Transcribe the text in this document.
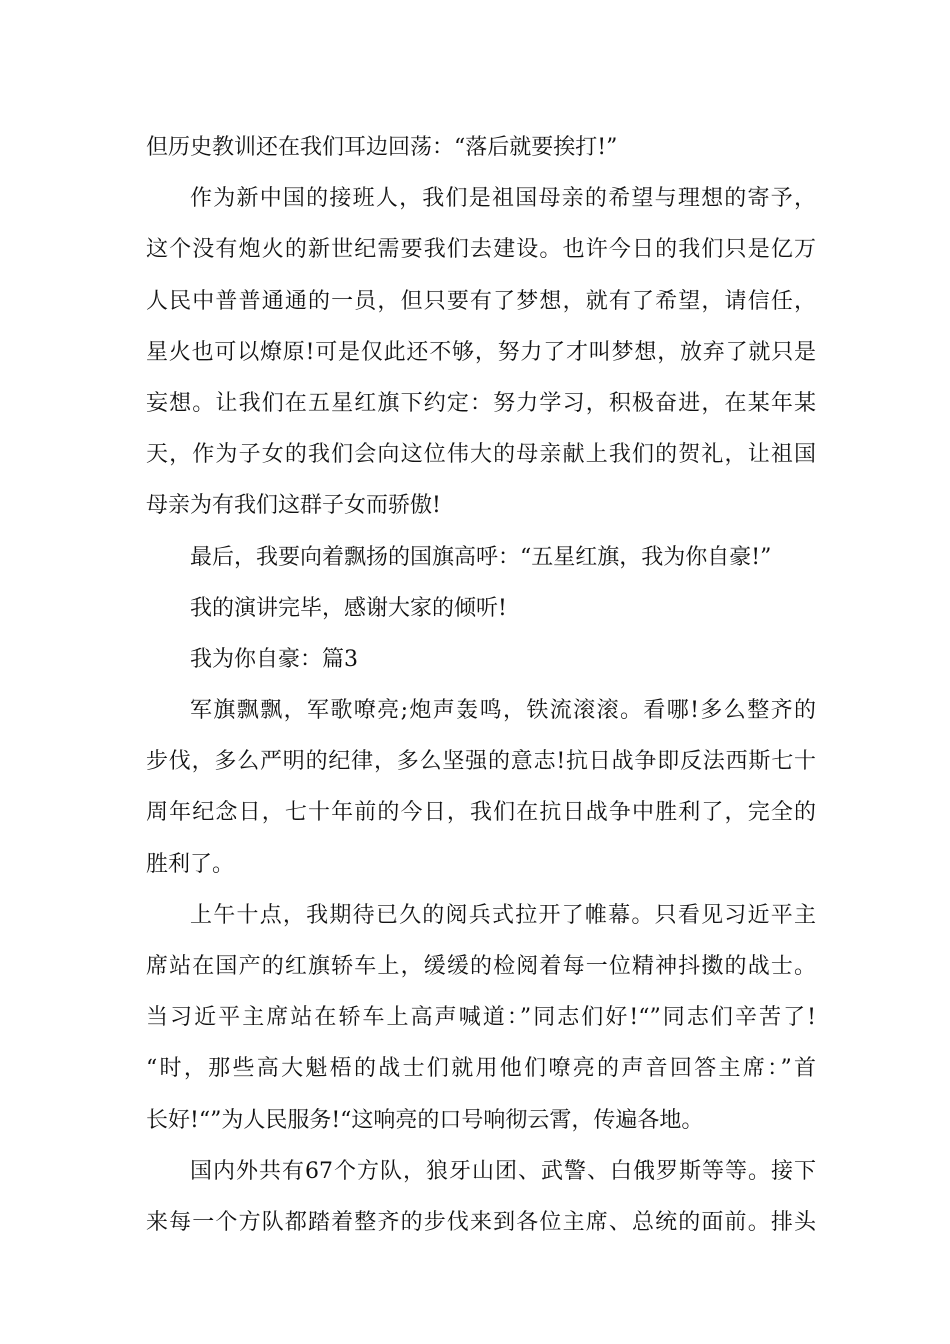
但历史教训还在我们耳边回荡：“落后就要挨打!”
作为新中国的接班人，我们是祖国母亲的希望与理想的寄予，
这个没有炮火的新世纪需要我们去建设。也许今日的我们只是亿万
人民中普普通通的一员，但只要有了梦想，就有了希望，请信任，
星火也可以燎原!可是仅此还不够，努力了才叫梦想，放弃了就只是
妄想。让我们在五星红旗下约定：努力学习，积极奋进，在某年某
天，作为子女的我们会向这位伟大的母亲献上我们的贺礼，让祖国
母亲为有我们这群子女而骄傲!
最后，我要向着飘扬的国旗高呼：“五星红旗，我为你自豪!”
我的演讲完毕，感谢大家的倾听!
我为你自豪：篇3
军旗飘飘，军歌嘹亮;炮声轰鸣，铁流滚滚。看哪!多么整齐的
步伐，多么严明的纪律，多么坚强的意志!抗日战争即反法西斯七十
周年纪念日，七十年前的今日，我们在抗日战争中胜利了，完全的
胜利了。
上午十点，我期待已久的阅兵式拉开了帷幕。只看见习近平主
席站在国产的红旗轿车上，缓缓的检阅着每一位精神抖擞的战士。
当习近平主席站在轿车上高声喊道：”同志们好!“”同志们辛苦了!
“时，那些高大魁梧的战士们就用他们嘹亮的声音回答主席：”首
长好!“”为人民服务!“这响亮的口号响彻云霄，传遍各地。
国内外共有67个方队，狼牙山团、武警、白俄罗斯等等。接下
来每一个方队都踏着整齐的步伐来到各位主席、总统的面前。排头
